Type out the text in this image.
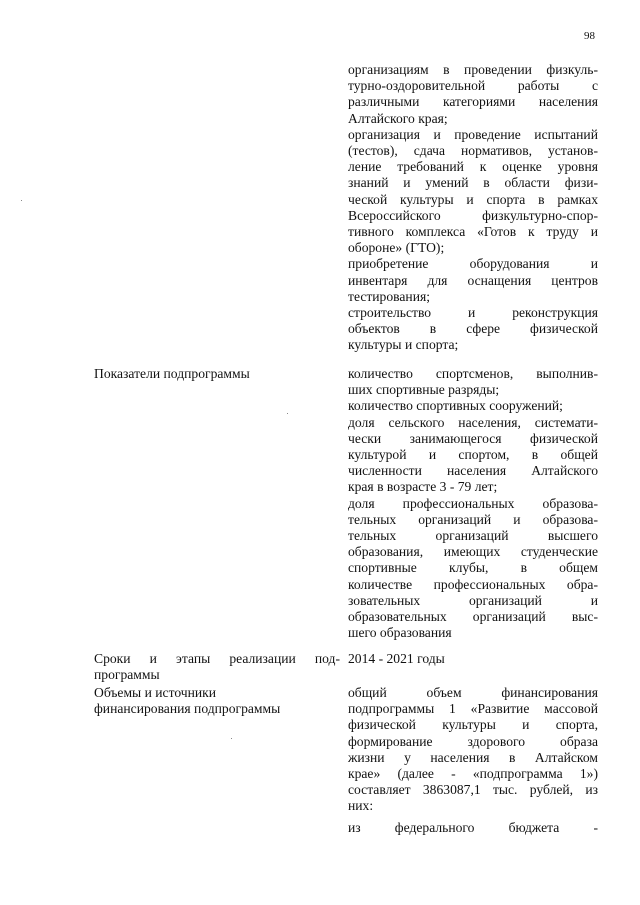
98
организациям в проведении физкуль-
турно-оздоровительной работы с
различными категориями населения
Алтайского края;
организация и проведение испытаний
(тестов), сдача нормативов, установ-
ление требований к оценке уровня
знаний и умений в области физи-
ческой культуры и спорта в рамках
Всероссийского физкультурно-спор-
тивного комплекса «Готов к труду и
обороне» (ГТО);
приобретение оборудования и
инвентаря для оснащения центров
тестирования;
строительство и реконструкция
объектов в сфере физической
культуры и спорта;
Показатели подпрограммы	количество спортсменов, выполнив-
ших спортивные разряды;
количество спортивных сооружений;
доля сельского населения, системати-
чески занимающегося физической
культурой и спортом, в общей
численности населения Алтайского
края в возрасте 3 - 79 лет;
доля профессиональных образова-
тельных организаций и образова-
тельных организаций высшего
образования, имеющих студенческие
спортивные клубы, в общем
количестве профессиональных обра-
зовательных организаций и
образовательных организаций выс-
шего образования
Сроки и этапы реализации под-
программы
2014 - 2021 годы
Объемы и источники
финансирования подпрограммы
общий объем финансирования
подпрограммы 1 «Развитие массовой
физической культуры и спорта,
формирование здорового образа
жизни у населения в Алтайском
крае» (далее - «подпрограмма 1»)
составляет 3863087,1 тыс. рублей, из
них:
из федерального бюджета -
